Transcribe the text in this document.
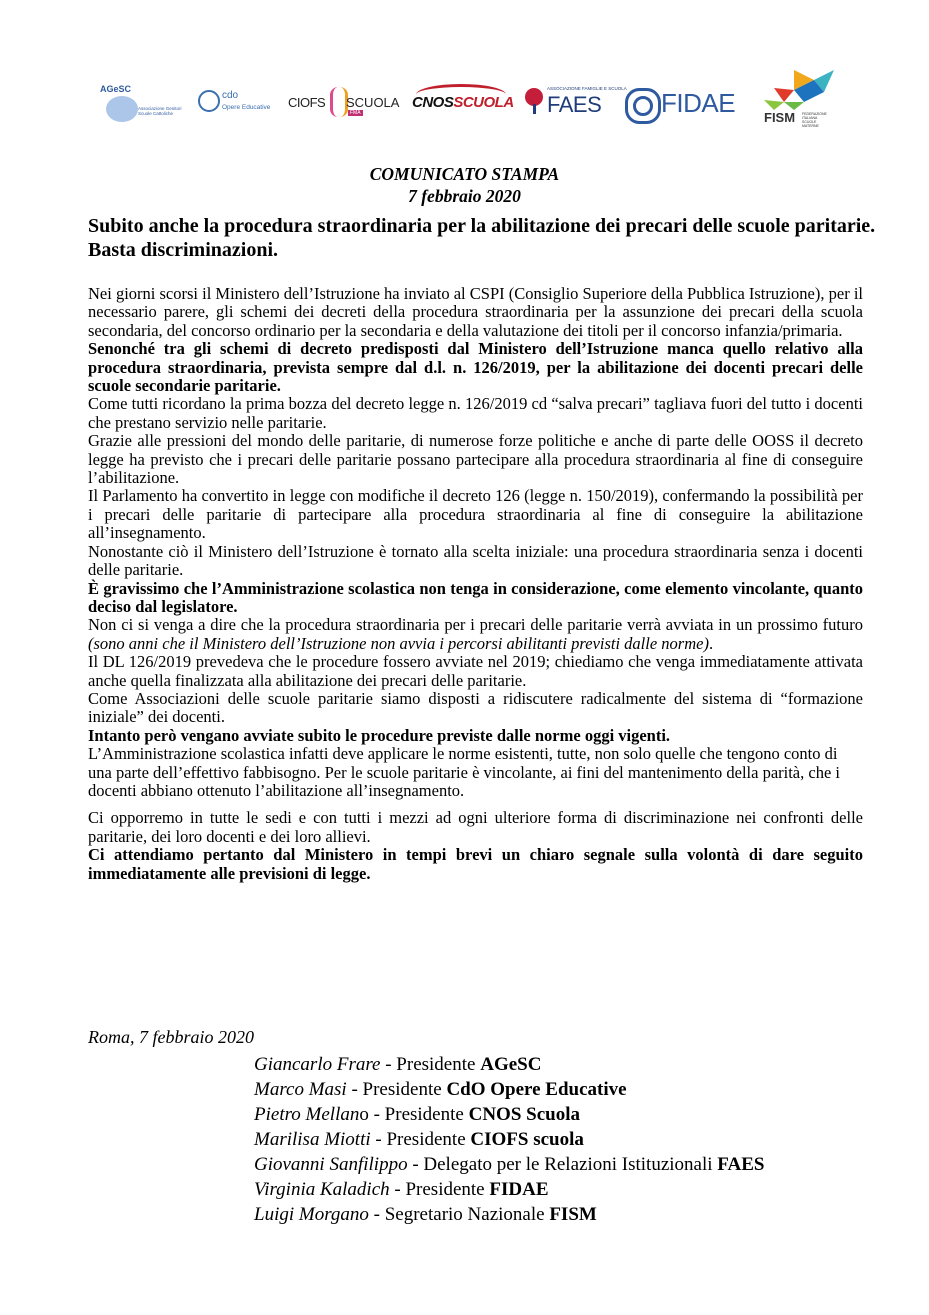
AGeSC
Associazione Genitori Scuole Cattoliche
cdo
Opere Educative CIOFS SCUOLA
FMA
CNOSSCUOLA
ASSOCIAZIONE FAMIGLIE E SCUOLA
FAES FIDAE FISM FEDERAZIONE ITALIANA SCUOLE MATERNE
COMUNICATO STAMPA
7 febbraio 2020
Subito anche la procedura straordinaria per la abilitazione dei precari delle scuole paritarie. Basta discriminazioni.

Nei giorni scorsi il Ministero dell’Istruzione ha inviato al CSPI (Consiglio Superiore della Pubblica Istruzione), per il necessario parere, gli schemi dei decreti della procedura straordinaria per la assunzione dei precari della scuola secondaria, del concorso ordinario per la secondaria e della valutazione dei titoli per il concorso infanzia/primaria.

Senonché tra gli schemi di decreto predisposti dal Ministero dell’Istruzione manca quello relativo alla procedura straordinaria, prevista sempre dal d.l. n. 126/2019, per la abilitazione dei docenti precari delle scuole secondarie paritarie.

Come tutti ricordano la prima bozza del decreto legge n. 126/2019 cd “salva precari” tagliava fuori del tutto i docenti che prestano servizio nelle paritarie.

Grazie alle pressioni del mondo delle paritarie, di numerose forze politiche e anche di parte delle OOSS il decreto legge ha previsto che i precari delle paritarie possano partecipare alla procedura straordinaria al fine di conseguire l’abilitazione.

Il Parlamento ha convertito in legge con modifiche il decreto 126 (legge n. 150/2019), confermando la possibilità per i precari delle paritarie di partecipare alla procedura straordinaria al fine di conseguire la abilitazione all’insegnamento.

Nonostante ciò il Ministero dell’Istruzione è tornato alla scelta iniziale: una procedura straordinaria senza i docenti delle paritarie.

È gravissimo che l’Amministrazione scolastica non tenga in considerazione, come elemento vincolante, quanto deciso dal legislatore.

Non ci si venga a dire che la procedura straordinaria per i precari delle paritarie verrà avviata in un prossimo futuro (sono anni che il Ministero dell’Istruzione non avvia i percorsi abilitanti previsti dalle norme).

Il DL 126/2019 prevedeva che le procedure fossero avviate nel 2019; chiediamo che venga immediatamente attivata anche quella finalizzata alla abilitazione dei precari delle paritarie.

Come Associazioni delle scuole paritarie siamo disposti a ridiscutere radicalmente del sistema di “formazione iniziale” dei docenti.

Intanto però vengano avviate subito le procedure previste dalle norme oggi vigenti.

L’Amministrazione scolastica infatti deve applicare le norme esistenti, tutte, non solo quelle che tengono conto di una parte dell’effettivo fabbisogno. Per le scuole paritarie è vincolante, ai fini del mantenimento della parità, che i docenti abbiano ottenuto l’abilitazione all’insegnamento.

Ci opporremo in tutte le sedi e con tutti i mezzi ad ogni ulteriore forma di discriminazione nei confronti delle paritarie, dei loro docenti e dei loro allievi.

Ci attendiamo pertanto dal Ministero in tempi brevi un chiaro segnale sulla volontà di dare seguito immediatamente alle previsioni di legge.

Roma, 7 febbraio 2020
Giancarlo Frare - Presidente AGeSC
Marco Masi - Presidente CdO Opere Educative
Pietro Mellano - Presidente CNOS Scuola
Marilisa Miotti - Presidente CIOFS scuola
Giovanni Sanfilippo - Delegato per le Relazioni Istituzionali FAES
Virginia Kaladich - Presidente FIDAE
Luigi Morgano - Segretario Nazionale FISM
